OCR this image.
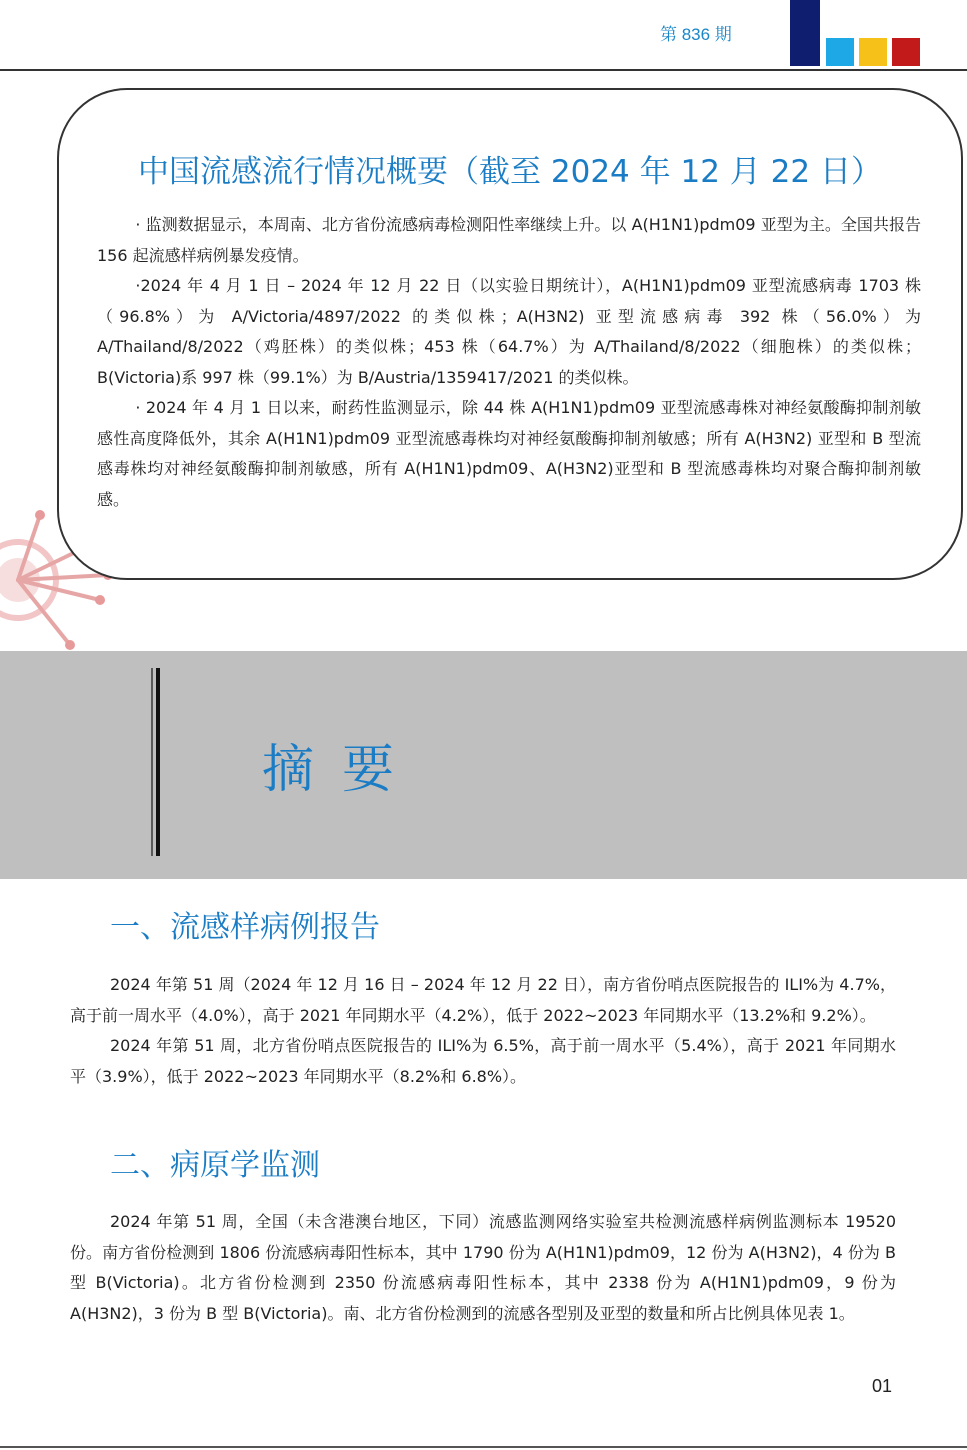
第 836 期
中国流感流行情况概要（截至 2024 年 12 月 22 日）

· 监测数据显示，本周南、北方省份流感病毒检测阳性率继续上升。以 A(H1N1)pdm09 亚型为主。全国共报告 156 起流感样病例暴发疫情。

·2024 年 4 月 1 日 – 2024 年 12 月 22 日（以实验日期统计），A(H1N1)pdm09 亚型流感病毒 1703 株（96.8%）为 A/Victoria/4897/2022 的类似株；A(H3N2) 亚型流感病毒 392 株（56.0%）为 A/Thailand/8/2022（鸡胚株）的类似株；453 株（64.7%）为 A/Thailand/8/2022（细胞株）的类似株；B(Victoria)系 997 株（99.1%）为 B/Austria/1359417/2021 的类似株。

· 2024 年 4 月 1 日以来，耐药性监测显示，除 44 株 A(H1N1)pdm09 亚型流感毒株对神经氨酸酶抑制剂敏感性高度降低外，其余 A(H1N1)pdm09 亚型流感毒株均对神经氨酸酶抑制剂敏感；所有 A(H3N2) 亚型和 B 型流感毒株均对神经氨酸酶抑制剂敏感，所有 A(H1N1)pdm09、A(H3N2)亚型和 B 型流感毒株均对聚合酶抑制剂敏感。

摘要
一、流感样病例报告

2024 年第 51 周（2024 年 12 月 16 日 – 2024 年 12 月 22 日），南方省份哨点医院报告的 ILI%为 4.7%，高于前一周水平（4.0%），高于 2021 年同期水平（4.2%），低于 2022~2023 年同期水平（13.2%和 9.2%）。

2024 年第 51 周，北方省份哨点医院报告的 ILI%为 6.5%，高于前一周水平（5.4%），高于 2021 年同期水平（3.9%），低于 2022~2023 年同期水平（8.2%和 6.8%）。

二、病原学监测

2024 年第 51 周，全国（未含港澳台地区，下同）流感监测网络实验室共检测流感样病例监测标本 19520 份。南方省份检测到 1806 份流感病毒阳性标本，其中 1790 份为 A(H1N1)pdm09，12 份为 A(H3N2)，4 份为 B 型 B(Victoria)。北方省份检测到 2350 份流感病毒阳性标本，其中 2338 份为 A(H1N1)pdm09，9 份为 A(H3N2)，3 份为 B 型 B(Victoria)。南、北方省份检测到的流感各型别及亚型的数量和所占比例具体见表 1。

01
